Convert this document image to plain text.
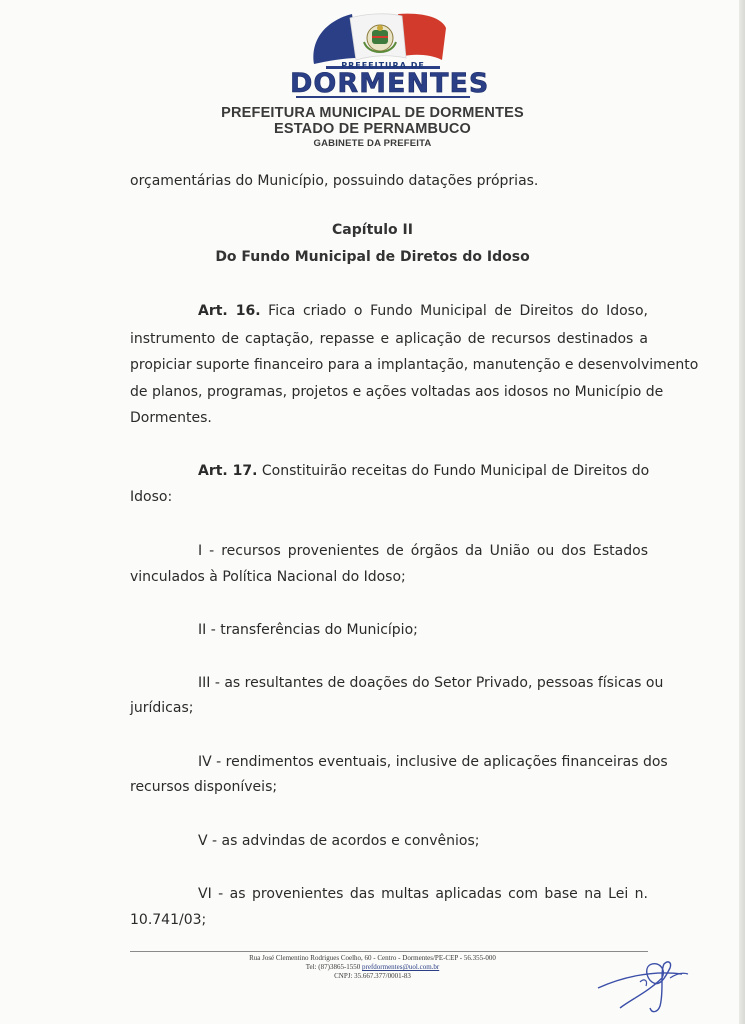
PREFEITURA DE
DORMENTES
PREFEITURA MUNICIPAL DE DORMENTES
ESTADO DE PERNAMBUCO
GABINETE DA PREFEITA
orçamentárias do Município, possuindo datações próprias.
Capítulo II
Do Fundo Municipal de Diretos do Idoso
Art. 16. Fica criado o Fundo Municipal de Direitos do Idoso,
instrumento de captação, repasse e aplicação de recursos destinados a
propiciar suporte financeiro para a implantação, manutenção e desenvolvimento
de planos, programas, projetos e ações voltadas aos idosos no Município de
Dormentes.
Art. 17. Constituirão receitas do Fundo Municipal de Direitos do
Idoso:
I - recursos provenientes de órgãos da União ou dos Estados
vinculados à Política Nacional do Idoso;
II - transferências do Município;
III - as resultantes de doações do Setor Privado, pessoas físicas ou
jurídicas;
IV - rendimentos eventuais, inclusive de aplicações financeiras dos
recursos disponíveis;
V - as advindas de acordos e convênios;
VI - as provenientes das multas aplicadas com base na Lei n.
10.741/03;
Rua José Clementino Rodrigues Coelho, 60 - Centro - Dormentes/PE-CEP - 56.355-000
Tel: (87)3865-1550 prefdormentes@uol.com.br
CNPJ: 35.667.377/0001-83
